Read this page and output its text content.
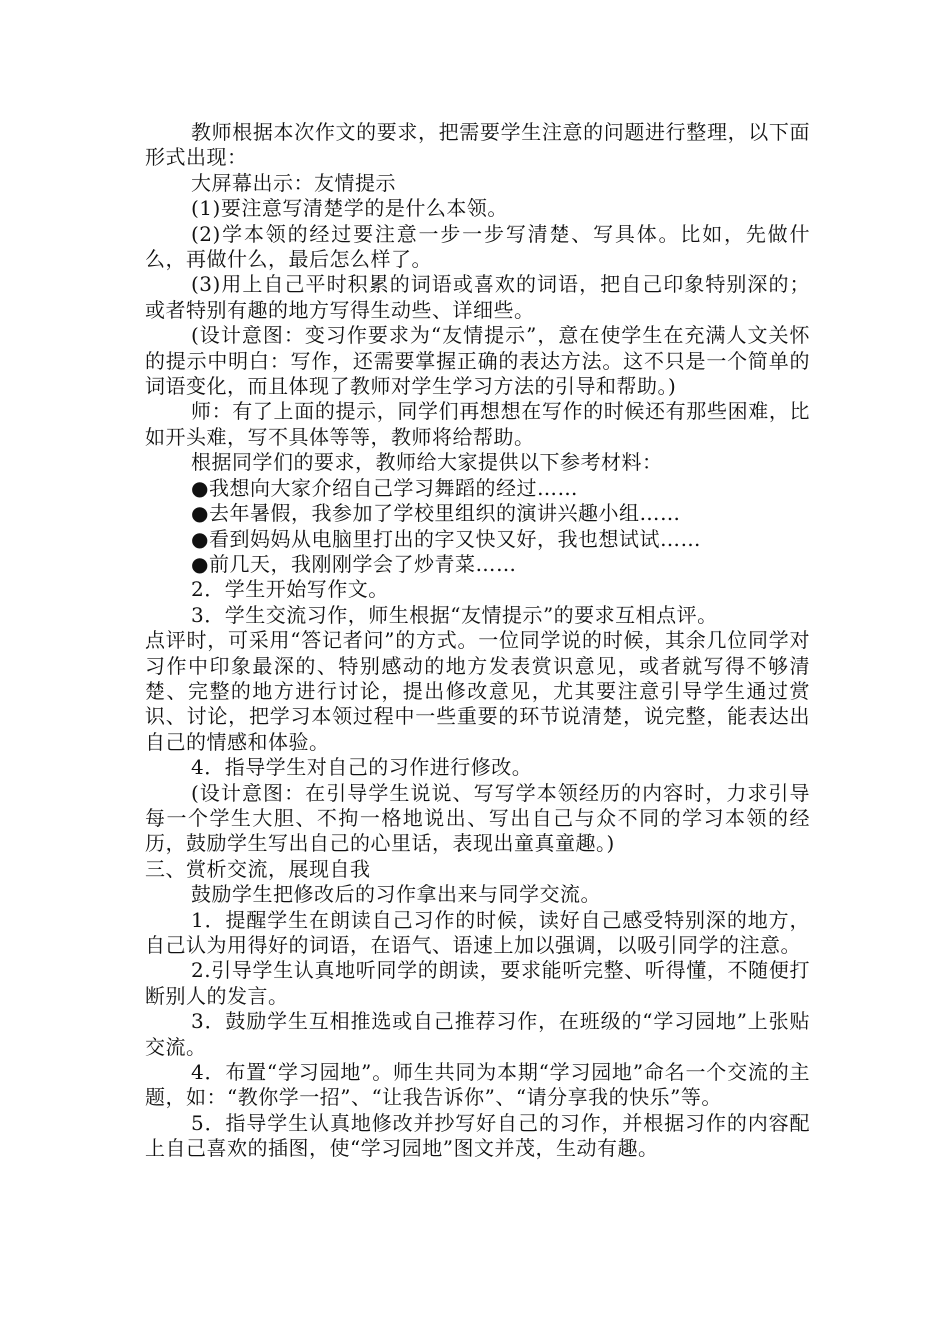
教师根据本次作文的要求，把需要学生注意的问题进行整理，以下面形式出现：

大屏幕出示：友情提示

(1)要注意写清楚学的是什么本领。

(2)学本领的经过要注意一步一步写清楚、写具体。比如，先做什么，再做什么，最后怎么样了。

(3)用上自己平时积累的词语或喜欢的词语，把自己印象特别深的；或者特别有趣的地方写得生动些、详细些。

(设计意图：变习作要求为“友情提示”，意在使学生在充满人文关怀的提示中明白：写作，还需要掌握正确的表达方法。这不只是一个简单的词语变化，而且体现了教师对学生学习方法的引导和帮助。)

师：有了上面的提示，同学们再想想在写作的时候还有那些困难，比如开头难，写不具体等等，教师将给帮助。

根据同学们的要求，教师给大家提供以下参考材料：

●我想向大家介绍自己学习舞蹈的经过……

●去年暑假，我参加了学校里组织的演讲兴趣小组……

●看到妈妈从电脑里打出的字又快又好，我也想试试……

●前几天，我刚刚学会了炒青菜……

2．学生开始写作文。

3．学生交流习作，师生根据“友情提示”的要求互相点评。

点评时，可采用“答记者问”的方式。一位同学说的时候，其余几位同学对习作中印象最深的、特别感动的地方发表赏识意见，或者就写得不够清楚、完整的地方进行讨论，提出修改意见，尤其要注意引导学生通过赏识、讨论，把学习本领过程中一些重要的环节说清楚，说完整，能表达出自己的情感和体验。

4．指导学生对自己的习作进行修改。

(设计意图：在引导学生说说、写写学本领经历的内容时，力求引导每一个学生大胆、不拘一格地说出、写出自己与众不同的学习本领的经历，鼓励学生写出自己的心里话，表现出童真童趣。)

三、赏析交流，展现自我

鼓励学生把修改后的习作拿出来与同学交流。

1．提醒学生在朗读自己习作的时候，读好自己感受特别深的地方，自己认为用得好的词语，在语气、语速上加以强调，以吸引同学的注意。

2.引导学生认真地听同学的朗读，要求能听完整、听得懂，不随便打断别人的发言。

3．鼓励学生互相推选或自己推荐习作，在班级的“学习园地”上张贴交流。

4．布置“学习园地”。师生共同为本期“学习园地”命名一个交流的主题，如：“教你学一招”、“让我告诉你”、“请分享我的快乐”等。

5．指导学生认真地修改并抄写好自己的习作，并根据习作的内容配上自己喜欢的插图，使“学习园地”图文并茂，生动有趣。
